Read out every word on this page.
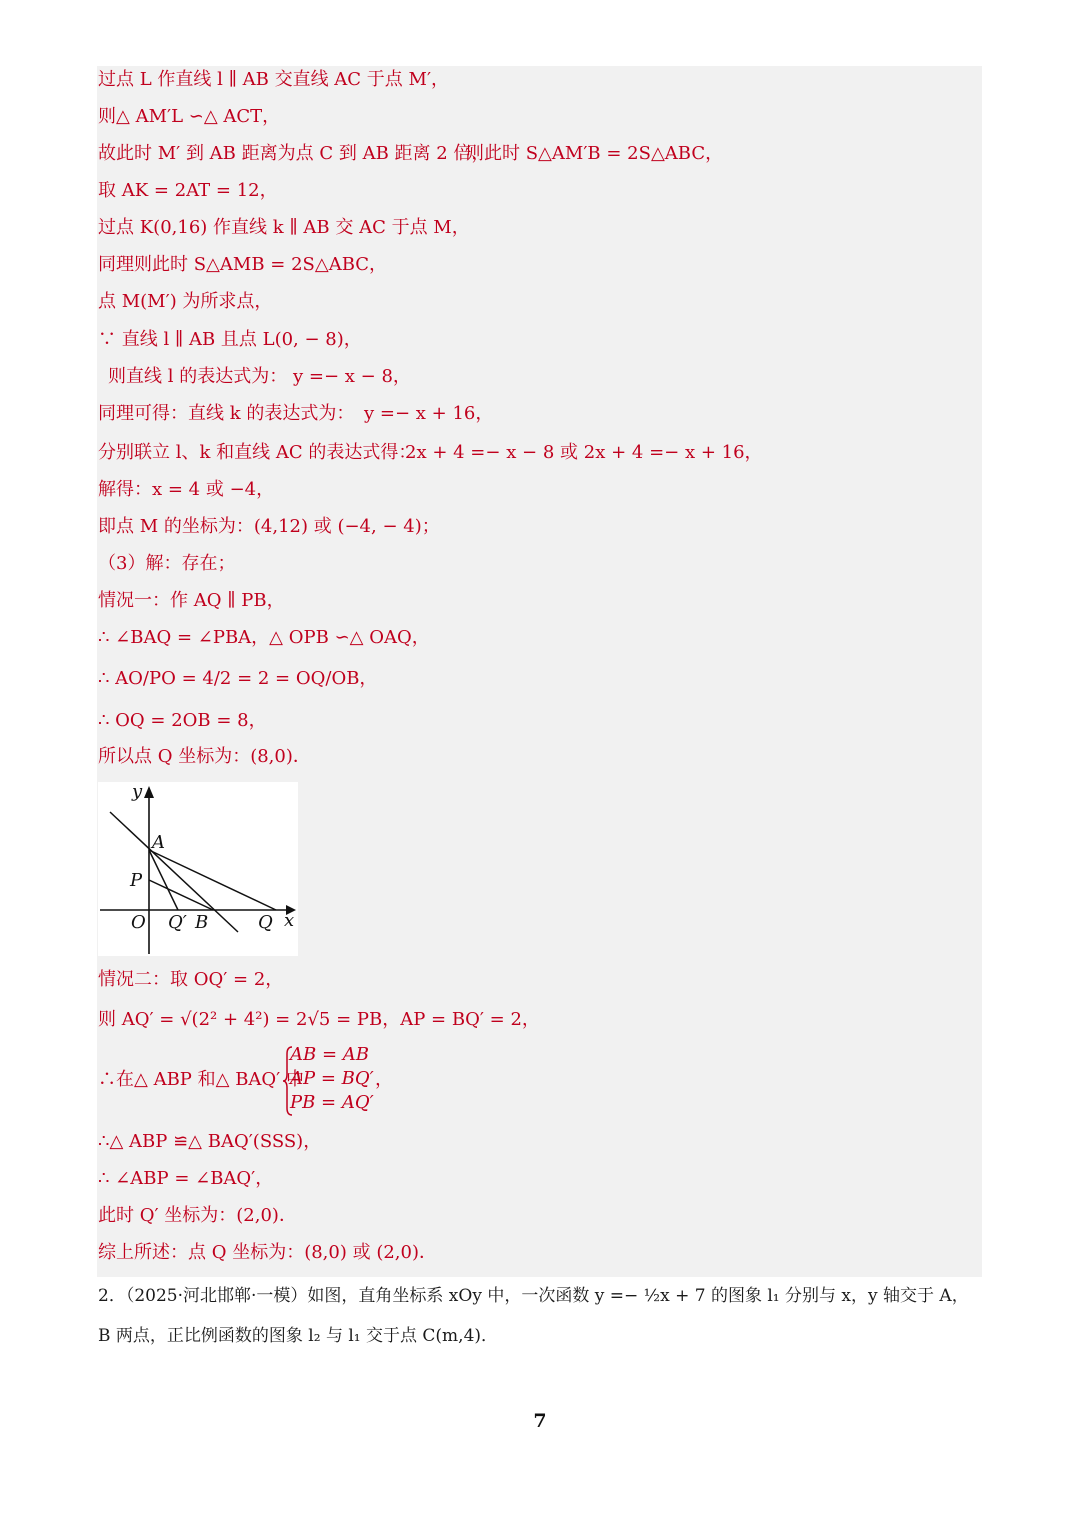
过点 L 作直线 l ∥ AB 交直线 AC 于点 M′，
则△ AM′L ∽△ ACT，
故此时 M′ 到 AB 距离为点 C 到 AB 距离 2 倍，
则此时 S△AM′B = 2S△ABC，
取 AK = 2AT = 12，
过点 K(0,16) 作直线 k ∥ AB 交 AC 于点 M，
同理则此时 S△AMB = 2S△ABC，
点 M(M′) 为所求点，
∵ 直线 l ∥ AB 且点 L(0, − 8)，
则直线 l 的表达式为： y =− x − 8，
同理可得：直线 k 的表达式为： y =− x + 16，
分别联立 l、k 和直线 AC 的表达式得：
2x + 4 =− x − 8 或 2x + 4 =− x + 16，
解得：x = 4 或 −4，
即点 M 的坐标为：(4,12) 或 (−4, − 4)；
（3）解：存在；
情况一：作 AQ ∥ PB，
∴ ∠BAQ = ∠PBA，△ OPB ∽△ OAQ，
∴ AO/PO = 4/2 = 2 = OQ/OB，
∴ OQ = 2OB = 8，
所以点 Q 坐标为：(8,0)．
y
A
P
O Q′ B	Q x
情况二：取 OQ′ = 2，
则 AQ′ = √(2² + 4²) = 2√5 = PB，AP = BQ′ = 2，
∴在△ ABP 和△ BAQ′ 中
AB = AB
AP = BQ′
PB = AQ′
，
∴△ ABP ≌△ BAQ′(SSS)，
∴ ∠ABP = ∠BAQ′，
此时 Q′ 坐标为：(2,0)．
综上所述：点 Q 坐标为：(8,0) 或 (2,0)．
2．（2025·河北邯郸·一模）如图，直角坐标系 xOy 中，一次函数 y =− ½x + 7 的图象 l₁ 分别与 x，y 轴交于 A，
B 两点，正比例函数的图象 l₂ 与 l₁ 交于点 C(m,4)．
7
